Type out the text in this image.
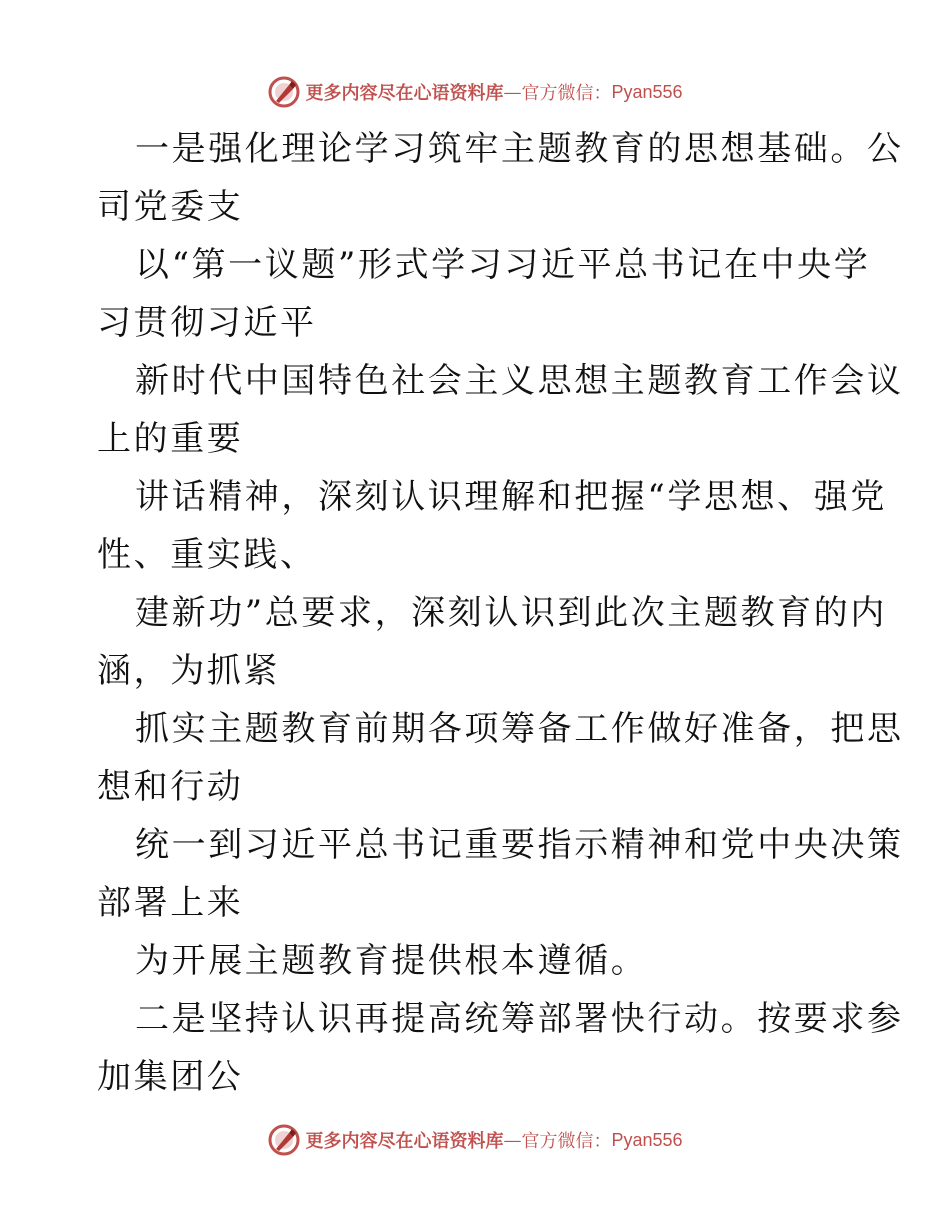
更多内容尽在心语资料库 — 官方微信： Pyan556
一是强化理论学习筑牢主题教育的思想基础。公
司党委支
以“第一议题”形式学习习近平总书记在中央学
习贯彻习近平
新时代中国特色社会主义思想主题教育工作会议
上的重要
讲话精神，深刻认识理解和把握“学思想、强党
性、重实践、
建新功”总要求，深刻认识到此次主题教育的内
涵，为抓紧
抓实主题教育前期各项筹备工作做好准备，把思
想和行动
统一到习近平总书记重要指示精神和党中央决策
部署上来
为开展主题教育提供根本遵循。
二是坚持认识再提高统筹部署快行动。按要求参
加集团公
更多内容尽在心语资料库 — 官方微信： Pyan556
